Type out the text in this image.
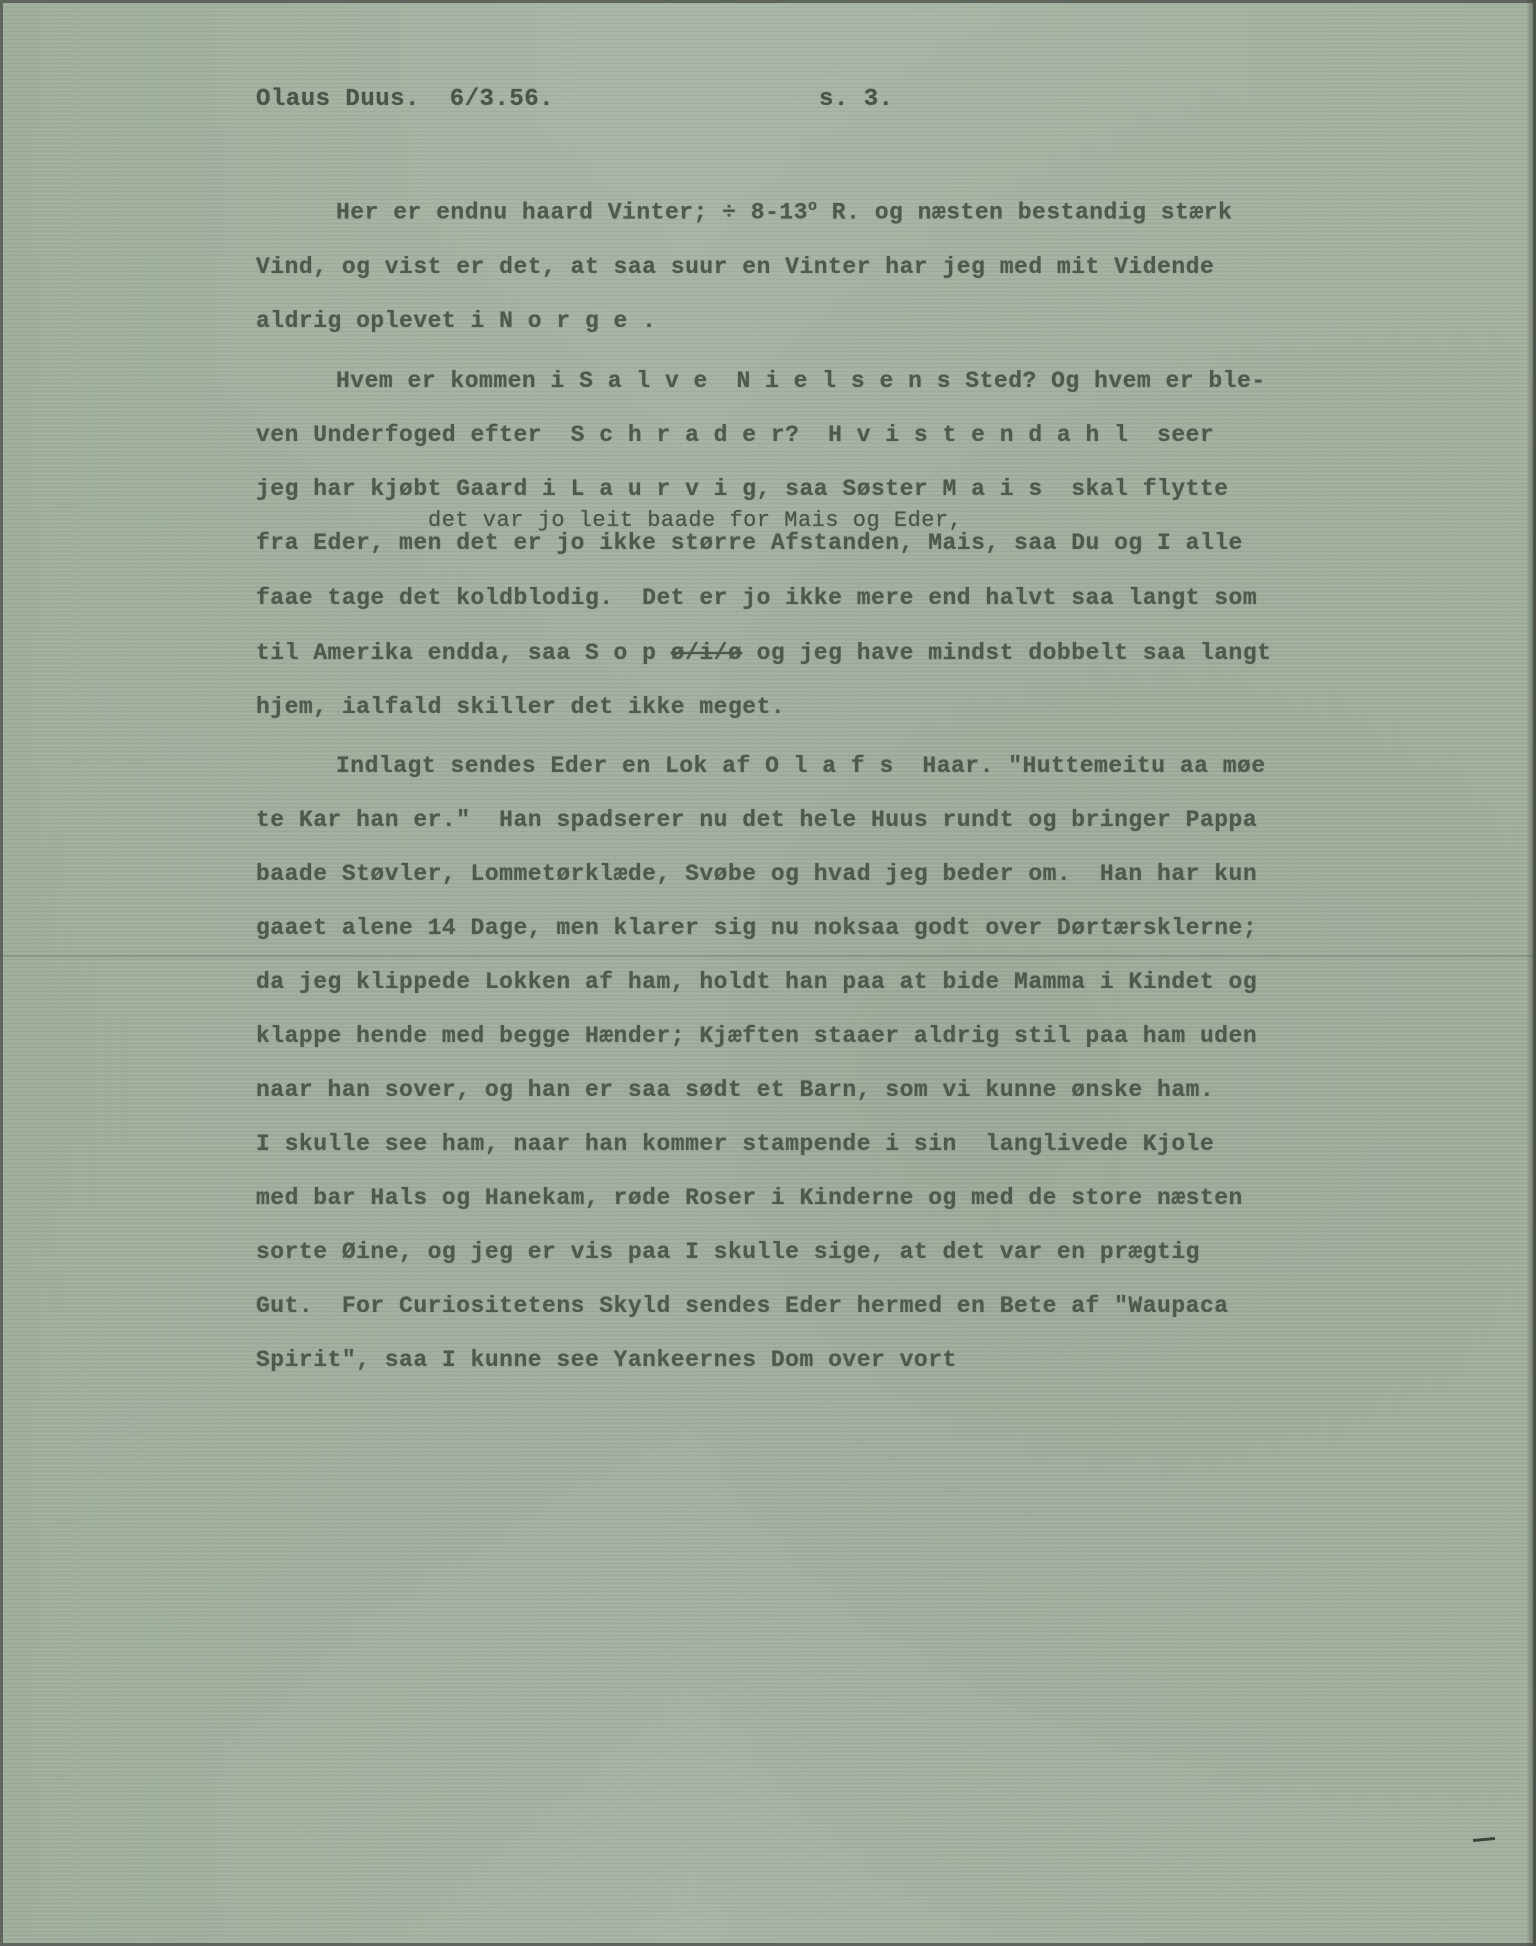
Olaus Duus.  6/3.56.	s. 3.

Her er endnu haard Vinter; ÷ $8-13^o$ R. og næsten bestandig stærk

Vind, og vist er det, at saa suur en Vinter har jeg med mit Vidende

aldrig oplevet i N o r g e .

Hvem er kommen i S a l v e  N i e l s e n s Sted? Og hvem er ble-

ven Underfoged efter  S c h r a d e r?  H v i s t e n d a h l  seer

jeg har kjøbt Gaard i L a u r v i g, saa Søster M a i s  skal flytte

det var jo leit baade for Mais og Eder,

fra Eder, men det er jo ikke større Afstanden, Mais, saa Du og I alle

faae tage det koldblodig.  Det er jo ikke mere end halvt saa langt som

til Amerika endda, saa S o p ø/i/ø og jeg have mindst dobbelt saa langt

hjem, ialfald skiller det ikke meget.

Indlagt sendes Eder en Lok af O l a f s  Haar. "Huttemeitu aa møe

te Kar han er."  Han spadserer nu det hele Huus rundt og bringer Pappa

baade Støvler, Lommetørklæde, Svøbe og hvad jeg beder om.  Han har kun

gaaet alene 14 Dage, men klarer sig nu noksaa godt over Dørtærsklerne;

da jeg klippede Lokken af ham, holdt han paa at bide Mamma i Kindet og

klappe hende med begge Hænder; Kjæften staaer aldrig stil paa ham uden

naar han sover, og han er saa sødt et Barn, som vi kunne ønske ham.

I skulle see ham, naar han kommer stampende i sin  langlivede Kjole

med bar Hals og Hanekam, røde Roser i Kinderne og med de store næsten

sorte Øine, og jeg er vis paa I skulle sige, at det var en prægtig

Gut.  For Curiositetens Skyld sendes Eder hermed en Bete af "Waupaca

Spirit", saa I kunne see Yankeernes Dom over vort
